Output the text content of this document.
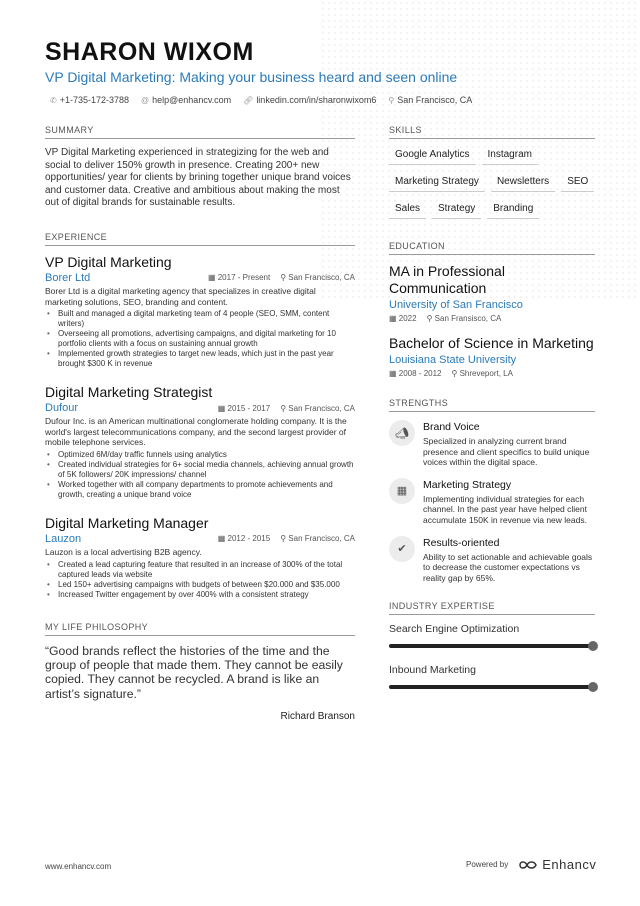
SHARON WIXOM
VP Digital Marketing: Making your business heard and seen online
✆ +1-735-172-3788 @ help@enhancv.com 🔗︎ linkedin.com/in/sharonwixom6 ⚲ San Francisco, CA
SUMMARY
VP Digital Marketing experienced in strategizing for the web and social to deliver 150% growth in presence. Creating 200+ new opportunities/ year for clients by brining together unique brand voices and customer data. Creative and ambitious about making the most out of digital brands for sustainable results.
EXPERIENCE
VP Digital Marketing
Borer Ltd	▦ 2017 - Present ⚲ San Francisco, CA
Borer Ltd is a digital marketing agency that specializes in creative digital marketing solutions, SEO, branding and content.
• Built and managed a digital marketing team of 4 people (SEO, SMM, content writers)
• Overseeing all promotions, advertising campaigns, and digital marketing for 10 portfolio clients with a focus on sustaining annual growth
• Implemented growth strategies to target new leads, which just in the past year brought $300 K in revenue
Digital Marketing Strategist
Dufour	▦ 2015 - 2017 ⚲ San Francisco, CA
Dufour Inc. is an American multinational conglomerate holding company. It is the world's largest telecommunications company, and the second largest provider of mobile telephone services.
• Optimized 6M/day traffic funnels using analytics
• Created individual strategies for 6+ social media channels, achieving annual growth of 5K followers/ 20K impressions/ channel
• Worked together with all company departments to promote achievements and growth, creating a unique brand voice
Digital Marketing Manager
Lauzon	▦ 2012 - 2015 ⚲ San Francisco, CA
Lauzon is a local advertising B2B agency.
• Created a lead capturing feature that resulted in an increase of 300% of the total captured leads via website
• Led 150+ advertising campaigns with budgets of between $20.000 and $35.000
• Increased Twitter engagement by over 400% with a consistent strategy
MY LIFE PHILOSOPHY
“Good brands reflect the histories of the time and the group of people that made them. They cannot be easily copied. They cannot be recycled. A brand is like an artist’s signature.”
Richard Branson
SKILLS
Google Analytics	Instagram
Marketing Strategy	Newsletters	SEO
Sales	Strategy	Branding
EDUCATION
MA in Professional Communication
University of San Francisco
▦ 2022 ⚲ San Fransisco, CA
Bachelor of Science in Marketing
Louisiana State University
▦ 2008 - 2012 ⚲ Shreveport, LA
STRENGTHS
📣︎
Brand Voice
Specialized in analyzing current brand presence and client specifics to build unique voices within the digital space.
▦
Marketing Strategy
Implementing individual strategies for each channel. In the past year have helped client accumulate 150K in revenue via new leads.
✔
Results-oriented
Ability to set actionable and achievable goals to decrease the customer expectations vs reality gap by 65%.
INDUSTRY EXPERTISE
Search Engine Optimization
Inbound Marketing
www.enhancv.com	Powered by	Enhancv
